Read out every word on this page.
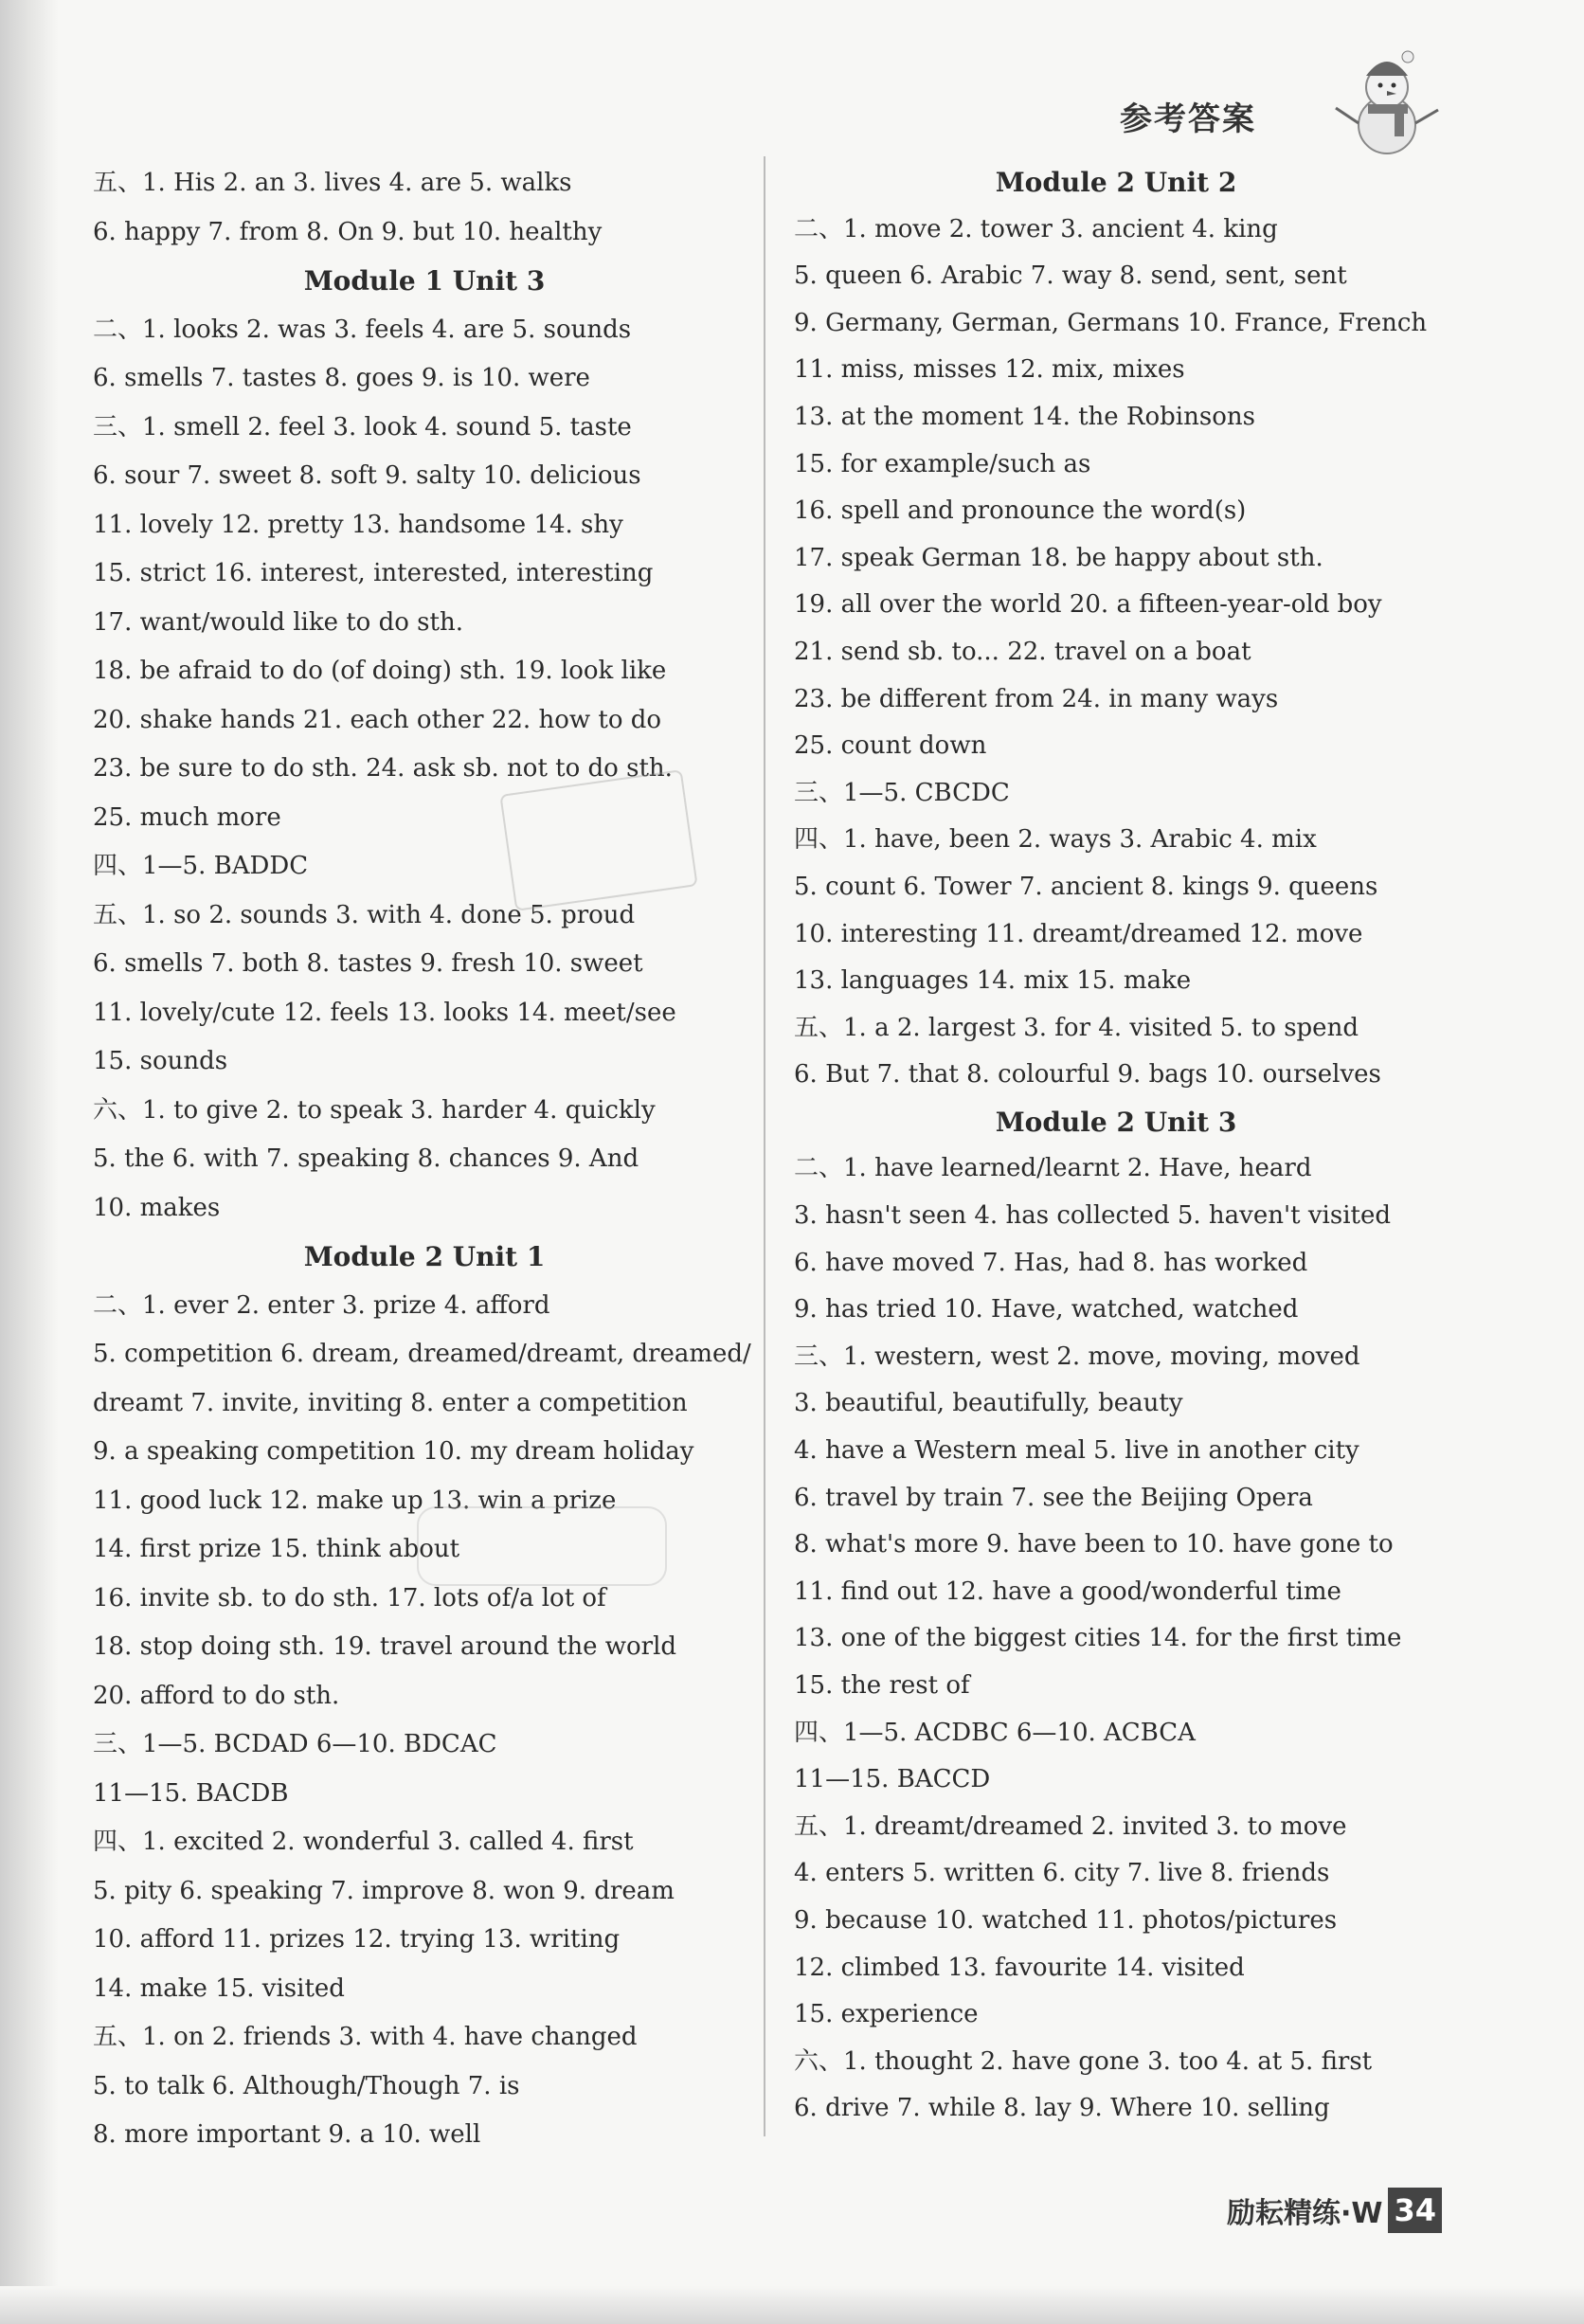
参考答案
五、1. His 2. an 3. lives 4. are 5. walks
6. happy 7. from 8. On 9. but 10. healthy
Module 1 Unit 3
二、1. looks 2. was 3. feels 4. are 5. sounds
6. smells 7. tastes 8. goes 9. is 10. were
三、1. smell 2. feel 3. look 4. sound 5. taste
6. sour 7. sweet 8. soft 9. salty 10. delicious
11. lovely 12. pretty 13. handsome 14. shy
15. strict 16. interest, interested, interesting
17. want/would like to do sth.
18. be afraid to do (of doing) sth. 19. look like
20. shake hands 21. each other 22. how to do
23. be sure to do sth. 24. ask sb. not to do sth.
25. much more
四、1—5. BADDC
五、1. so 2. sounds 3. with 4. done 5. proud
6. smells 7. both 8. tastes 9. fresh 10. sweet
11. lovely/cute 12. feels 13. looks 14. meet/see
15. sounds
六、1. to give 2. to speak 3. harder 4. quickly
5. the 6. with 7. speaking 8. chances 9. And
10. makes
Module 2 Unit 1
二、1. ever 2. enter 3. prize 4. afford
5. competition 6. dream, dreamed/dreamt, dreamed/
dreamt 7. invite, inviting 8. enter a competition
9. a speaking competition 10. my dream holiday
11. good luck 12. make up 13. win a prize
14. first prize 15. think about
16. invite sb. to do sth. 17. lots of/a lot of
18. stop doing sth. 19. travel around the world
20. afford to do sth.
三、1—5. BCDAD 6—10. BDCAC
11—15. BACDB
四、1. excited 2. wonderful 3. called 4. first
5. pity 6. speaking 7. improve 8. won 9. dream
10. afford 11. prizes 12. trying 13. writing
14. make 15. visited
五、1. on 2. friends 3. with 4. have changed
5. to talk 6. Although/Though 7. is
8. more important 9. a 10. well
Module 2 Unit 2
二、1. move 2. tower 3. ancient 4. king
5. queen 6. Arabic 7. way 8. send, sent, sent
9. Germany, German, Germans 10. France, French
11. miss, misses 12. mix, mixes
13. at the moment 14. the Robinsons
15. for example/such as
16. spell and pronounce the word(s)
17. speak German 18. be happy about sth.
19. all over the world 20. a fifteen-year-old boy
21. send sb. to... 22. travel on a boat
23. be different from 24. in many ways
25. count down
三、1—5. CBCDC
四、1. have, been 2. ways 3. Arabic 4. mix
5. count 6. Tower 7. ancient 8. kings 9. queens
10. interesting 11. dreamt/dreamed 12. move
13. languages 14. mix 15. make
五、1. a 2. largest 3. for 4. visited 5. to spend
6. But 7. that 8. colourful 9. bags 10. ourselves
Module 2 Unit 3
二、1. have learned/learnt 2. Have, heard
3. hasn't seen 4. has collected 5. haven't visited
6. have moved 7. Has, had 8. has worked
9. has tried 10. Have, watched, watched
三、1. western, west 2. move, moving, moved
3. beautiful, beautifully, beauty
4. have a Western meal 5. live in another city
6. travel by train 7. see the Beijing Opera
8. what's more 9. have been to 10. have gone to
11. find out 12. have a good/wonderful time
13. one of the biggest cities 14. for the first time
15. the rest of
四、1—5. ACDBC 6—10. ACBCA
11—15. BACCD
五、1. dreamt/dreamed 2. invited 3. to move
4. enters 5. written 6. city 7. live 8. friends
9. because 10. watched 11. photos/pictures
12. climbed 13. favourite 14. visited
15. experience
六、1. thought 2. have gone 3. too 4. at 5. first
6. drive 7. while 8. lay 9. Where 10. selling
励耘精练·W 34
